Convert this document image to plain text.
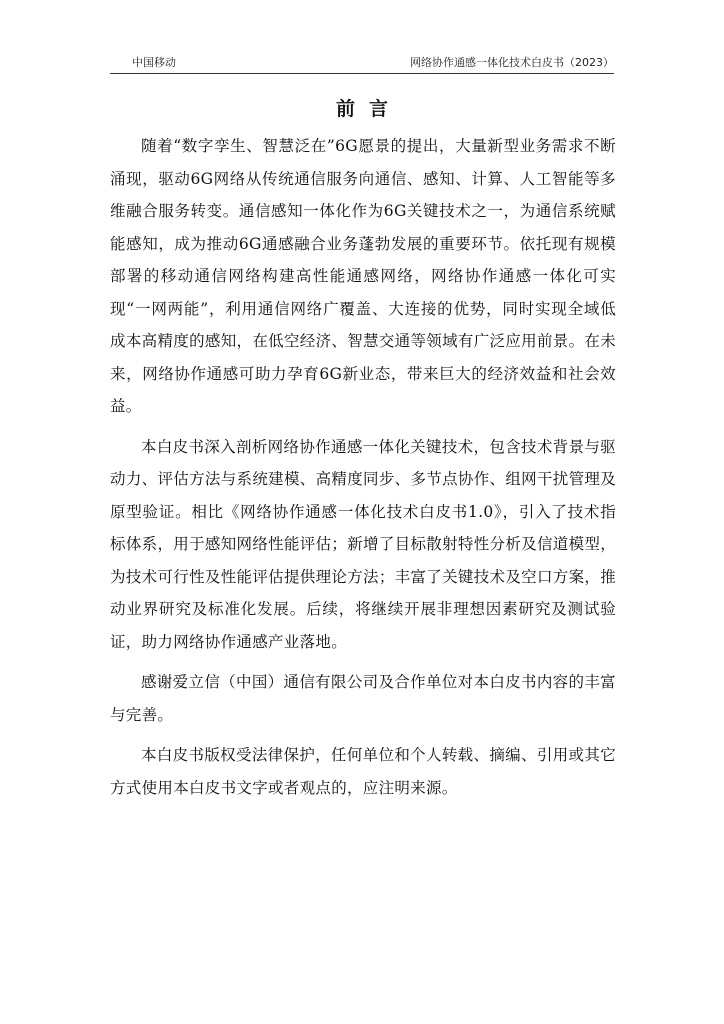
中国移动	网络协作通感一体化技术白皮书（2023）
前言

随着“数字孪生、智慧泛在”6G愿景的提出，大量新型业务需求不断涌现，驱动6G网络从传统通信服务向通信、感知、计算、人工智能等多维融合服务转变。通信感知一体化作为6G关键技术之一，为通信系统赋能感知，成为推动6G通感融合业务蓬勃发展的重要环节。依托现有规模部署的移动通信网络构建高性能通感网络，网络协作通感一体化可实现“一网两能”，利用通信网络广覆盖、大连接的优势，同时实现全域低成本高精度的感知，在低空经济、智慧交通等领域有广泛应用前景。在未来，网络协作通感可助力孕育6G新业态，带来巨大的经济效益和社会效益。

本白皮书深入剖析网络协作通感一体化关键技术，包含技术背景与驱动力、评估方法与系统建模、高精度同步、多节点协作、组网干扰管理及原型验证。相比《网络协作通感一体化技术白皮书1.0》，引入了技术指标体系，用于感知网络性能评估；新增了目标散射特性分析及信道模型，为技术可行性及性能评估提供理论方法；丰富了关键技术及空口方案，推动业界研究及标准化发展。后续，将继续开展非理想因素研究及测试验证，助力网络协作通感产业落地。

感谢爱立信（中国）通信有限公司及合作单位对本白皮书内容的丰富与完善。

本白皮书版权受法律保护，任何单位和个人转载、摘编、引用或其它方式使用本白皮书文字或者观点的，应注明来源。
